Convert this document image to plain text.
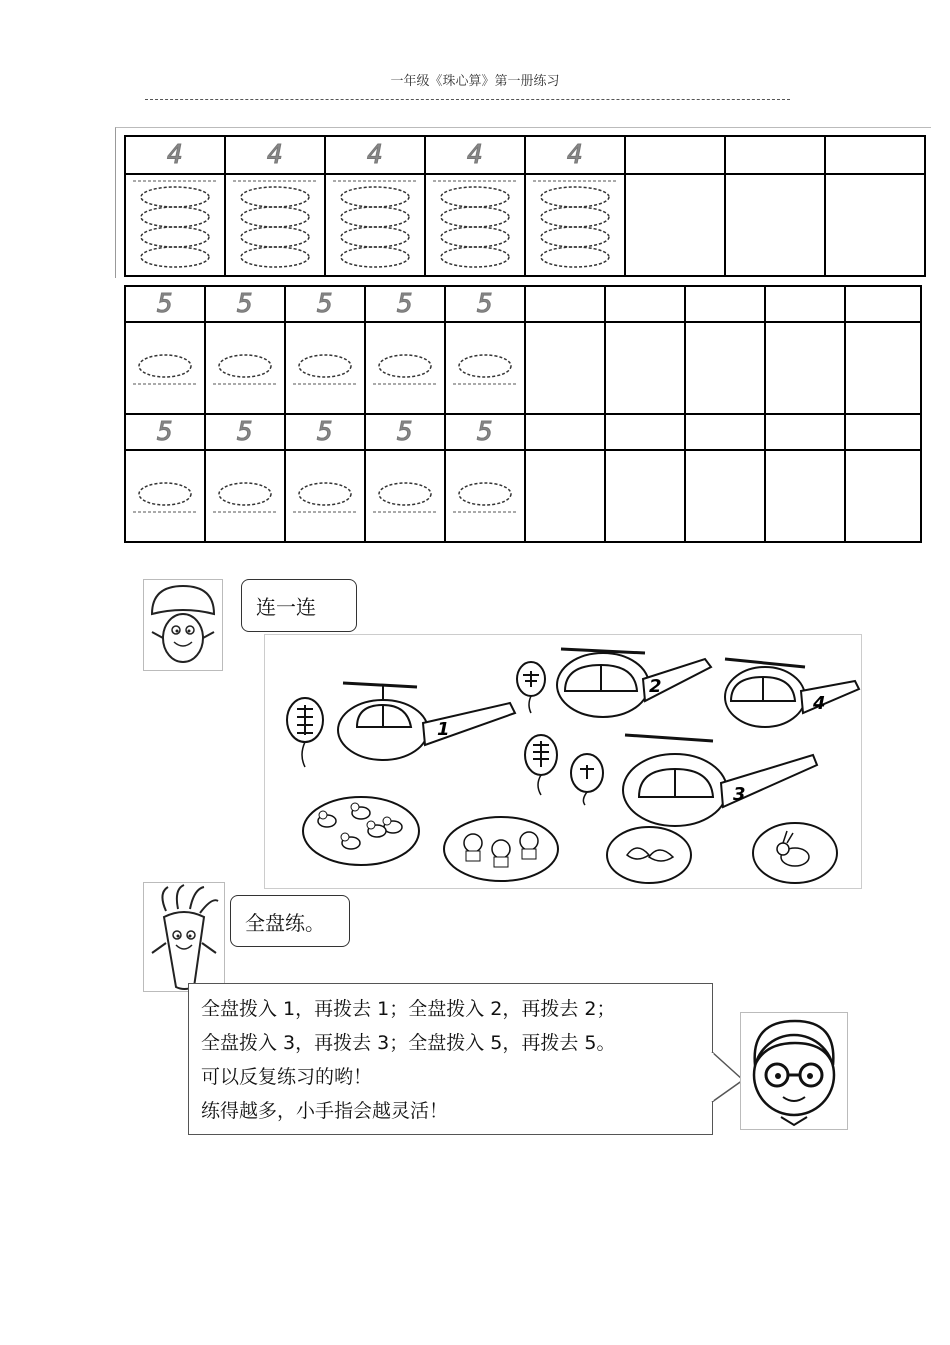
一年级《珠心算》第一册练习
4	4	4	4	4			

5	5	5	5	5					

5	5	5	5	5					

连一连
1
2
4
3
全盘练。

全盘拨入 1，再拨去 1；全盘拨入 2，再拨去 2；

全盘拨入 3，再拨去 3；全盘拨入 5，再拨去 5。

可以反复练习的哟！

练得越多，小手指会越灵活！
